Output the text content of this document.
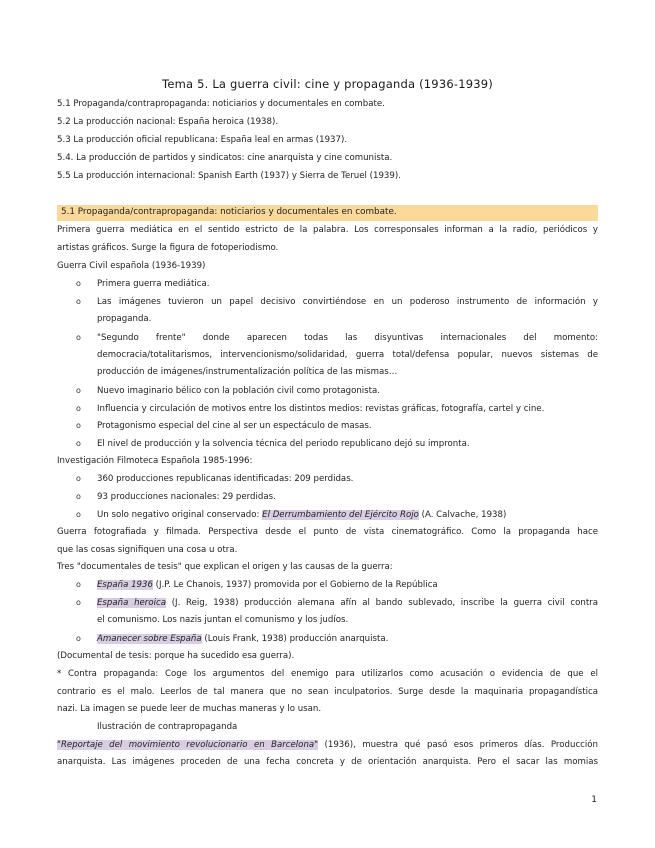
Tema 5. La guerra civil: cine y propaganda (1936-1939)
5.1 Propaganda/contrapropaganda: noticiarios y documentales en combate.
5.2 La producción nacional: España heroica (1938).
5.3 La producción oficial republicana: España leal en armas (1937).
5.4. La producción de partidos y sindicatos: cine anarquista y cine comunista.
5.5 La producción internacional: Spanish Earth (1937) y Sierra de Teruel (1939).
5.1 Propaganda/contrapropaganda: noticiarios y documentales en combate.
Primera guerra mediática en el sentido estricto de la palabra. Los corresponsales informan a la radio, periódicos y
artistas gráficos. Surge la figura de fotoperiodismo.
Guerra Civil española (1936-1939)
o Primera guerra mediática.
o Las imágenes tuvieron un papel decisivo convirtiéndose en un poderoso instrumento de información y
propaganda.
o "Segundo frente" donde aparecen todas las disyuntivas internacionales del momento:
democracia/totalitarismos, intervencionismo/solidaridad, guerra total/defensa popular, nuevos sistemas de
producción de imágenes/instrumentalización política de las mismas…
o Nuevo imaginario bélico con la población civil como protagonista.
o Influencia y circulación de motivos entre los distintos medios: revistas gráficas, fotografía, cartel y cine.
o Protagonismo especial del cine al ser un espectáculo de masas.
o El nivel de producción y la solvencia técnica del periodo republicano dejó su impronta.
Investigación Filmoteca Española 1985-1996:
o 360 producciones republicanas identificadas: 209 perdidas.
o 93 producciones nacionales: 29 perdidas.
o Un solo negativo original conservado: El Derrumbamiento del Ejército Rojo (A. Calvache, 1938)
Guerra fotografiada y filmada. Perspectiva desde el punto de vista cinematográfico. Como la propaganda hace
que las cosas signifiquen una cosa u otra.
Tres "documentales de tesis" que explican el origen y las causas de la guerra:
o España 1936 (J.P. Le Chanois, 1937) promovida por el Gobierno de la República
o España heroica (J. Reig, 1938) producción alemana afín al bando sublevado, inscribe la guerra civil contra
el comunismo. Los nazis juntan el comunismo y los judíos.
o Amanecer sobre España (Louis Frank, 1938) producción anarquista.
(Documental de tesis: porque ha sucedido esa guerra).
* Contra propaganda: Coge los argumentos del enemigo para utilizarlos como acusación o evidencia de que el
contrario es el malo. Leerlos de tal manera que no sean inculpatorios. Surge desde la maquinaria propagandística
nazi. La imagen se puede leer de muchas maneras y lo usan.
Ilustración de contrapropaganda
"Reportaje del movimiento revolucionario en Barcelona" (1936), muestra qué pasó esos primeros días. Producción
anarquista. Las imágenes proceden de una fecha concreta y de orientación anarquista. Pero el sacar las momias
1
